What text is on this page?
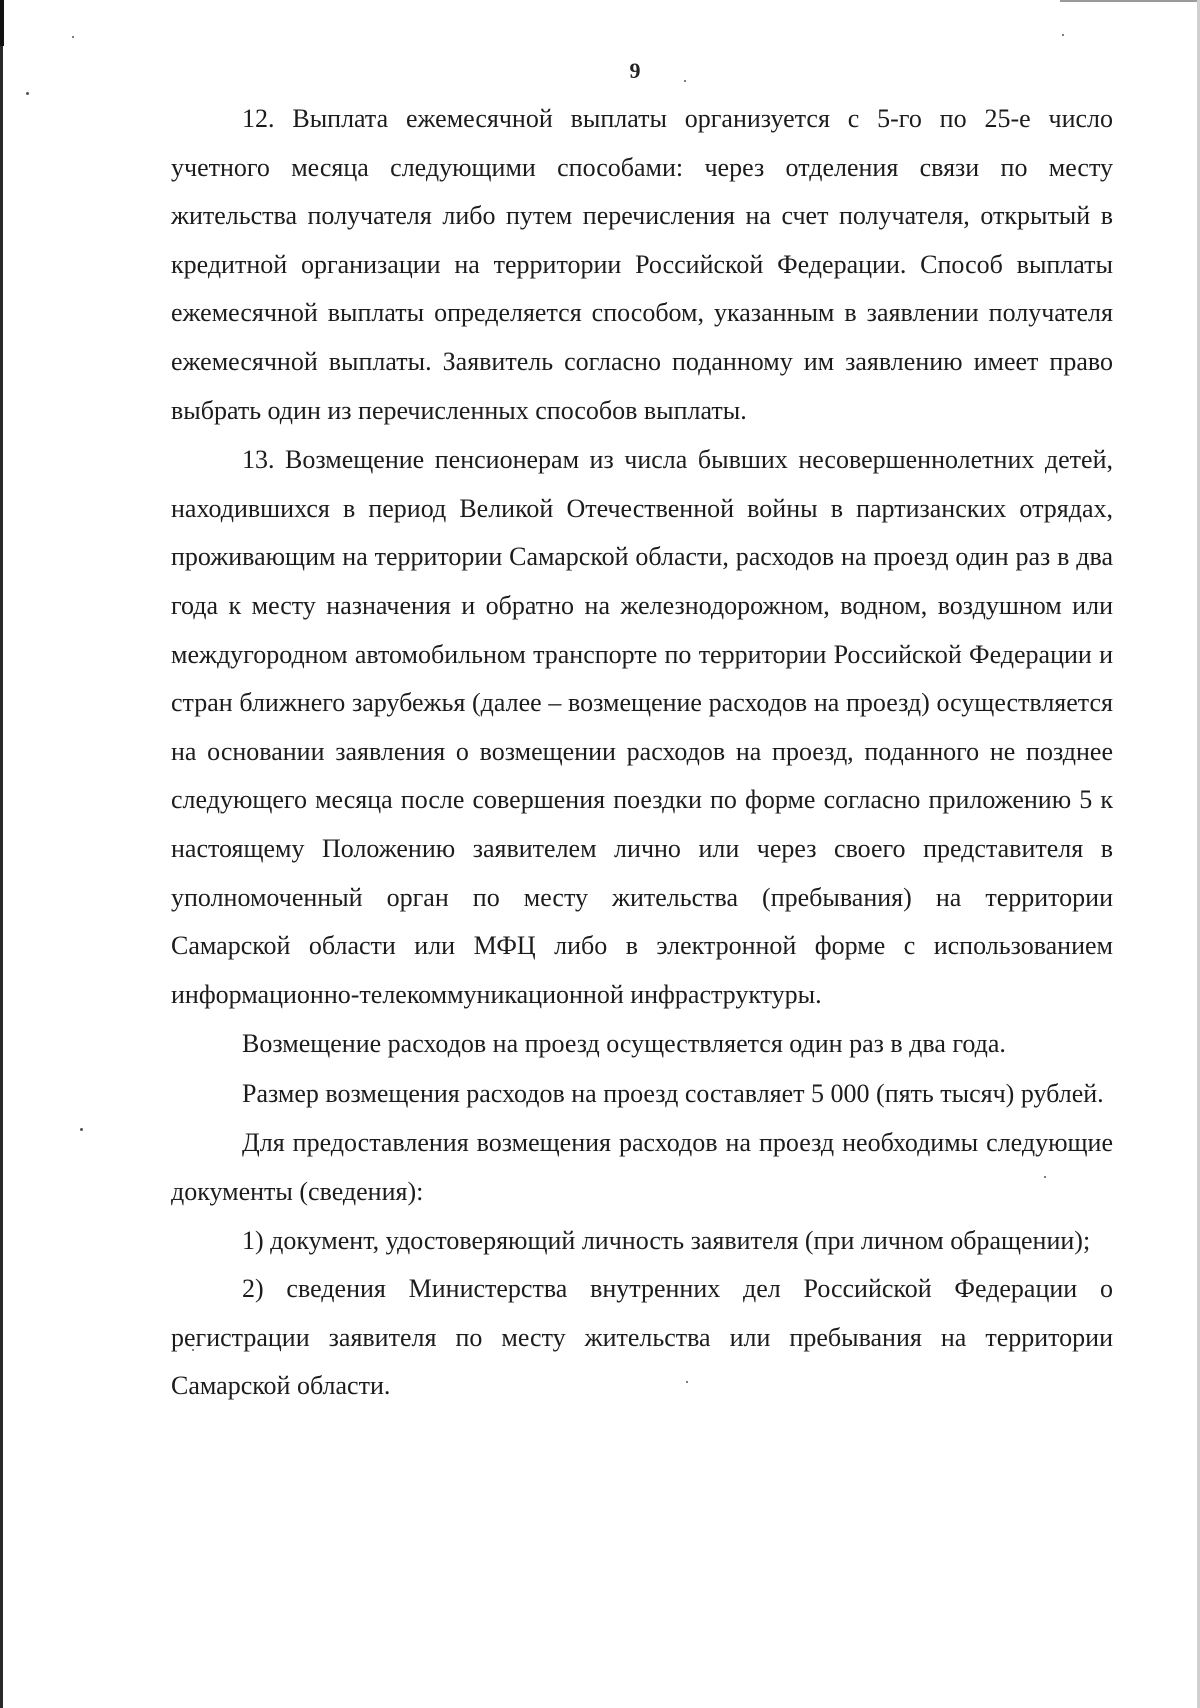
9

12. Выплата ежемесячной выплаты организуется с 5-го по 25-е число учетного месяца следующими способами: через отделения связи по месту жительства получателя либо путем перечисления на счет получателя, открытый в кредитной организации на территории Российской Федерации. Способ выплаты ежемесячной выплаты определяется способом, указанным в заявлении получателя ежемесячной выплаты. Заявитель согласно поданному им заявлению имеет право выбрать один из перечисленных способов выплаты.

13. Возмещение пенсионерам из числа бывших несовершеннолетних детей, находившихся в период Великой Отечественной войны в партизанских отрядах, проживающим на территории Самарской области, расходов на проезд один раз в два года к месту назначения и обратно на железнодорожном, водном, воздушном или междугородном автомобильном транспорте по территории Российской Федерации и стран ближнего зарубежья (далее – возмещение расходов на проезд) осуществляется на основании заявления о возмещении расходов на проезд, поданного не позднее следующего месяца после совершения поездки по форме согласно приложению 5 к настоящему Положению заявителем лично или через своего представителя в уполномоченный орган по месту жительства (пребывания) на территории Самарской области или МФЦ либо в электронной форме с использованием информационно-телекоммуникационной инфраструктуры.

Возмещение расходов на проезд осуществляется один раз в два года.

Размер возмещения расходов на проезд составляет 5 000 (пять тысяч) рублей.

Для предоставления возмещения расходов на проезд необходимы следующие документы (сведения):

1) документ, удостоверяющий личность заявителя (при личном обращении);

2) сведения Министерства внутренних дел Российской Федерации о регистрации заявителя по месту жительства или пребывания на территории Самарской области.
